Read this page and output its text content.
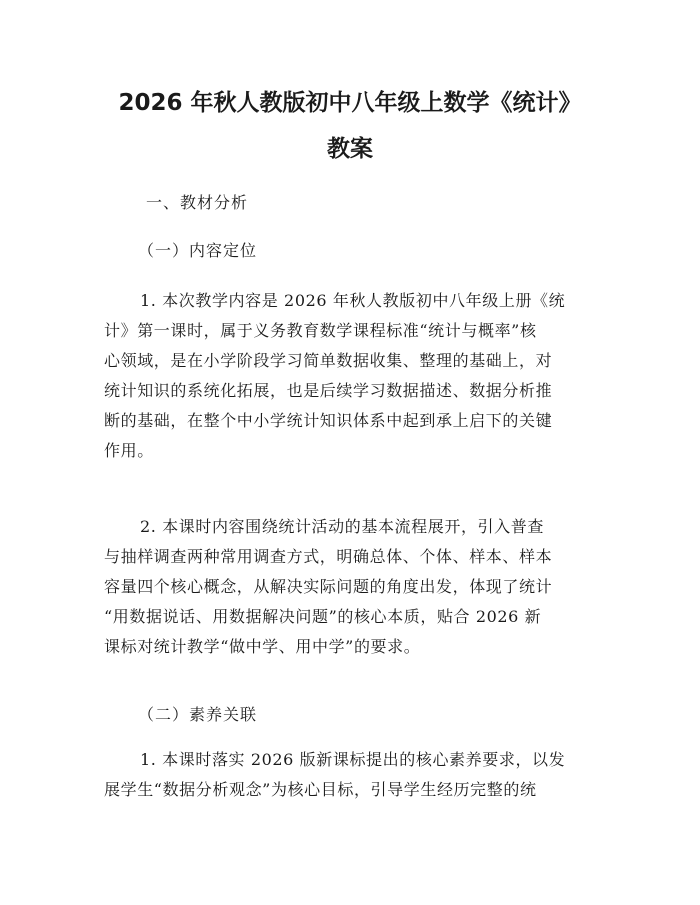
2026 年秋人教版初中八年级上数学《统计》
教案

一、教材分析

（一）内容定位

1. 本次教学内容是 2026 年秋人教版初中八年级上册《统
计》第一课时，属于义务教育数学课程标准“统计与概率”核
心领域，是在小学阶段学习简单数据收集、整理的基础上，对
统计知识的系统化拓展，也是后续学习数据描述、数据分析推
断的基础，在整个中小学统计知识体系中起到承上启下的关键
作用。
2. 本课时内容围绕统计活动的基本流程展开，引入普查
与抽样调查两种常用调查方式，明确总体、个体、样本、样本
容量四个核心概念，从解决实际问题的角度出发，体现了统计
“用数据说话、用数据解决问题”的核心本质，贴合 2026 新
课标对统计教学“做中学、用中学”的要求。

（二）素养关联

1. 本课时落实 2026 版新课标提出的核心素养要求，以发
展学生“数据分析观念”为核心目标，引导学生经历完整的统
